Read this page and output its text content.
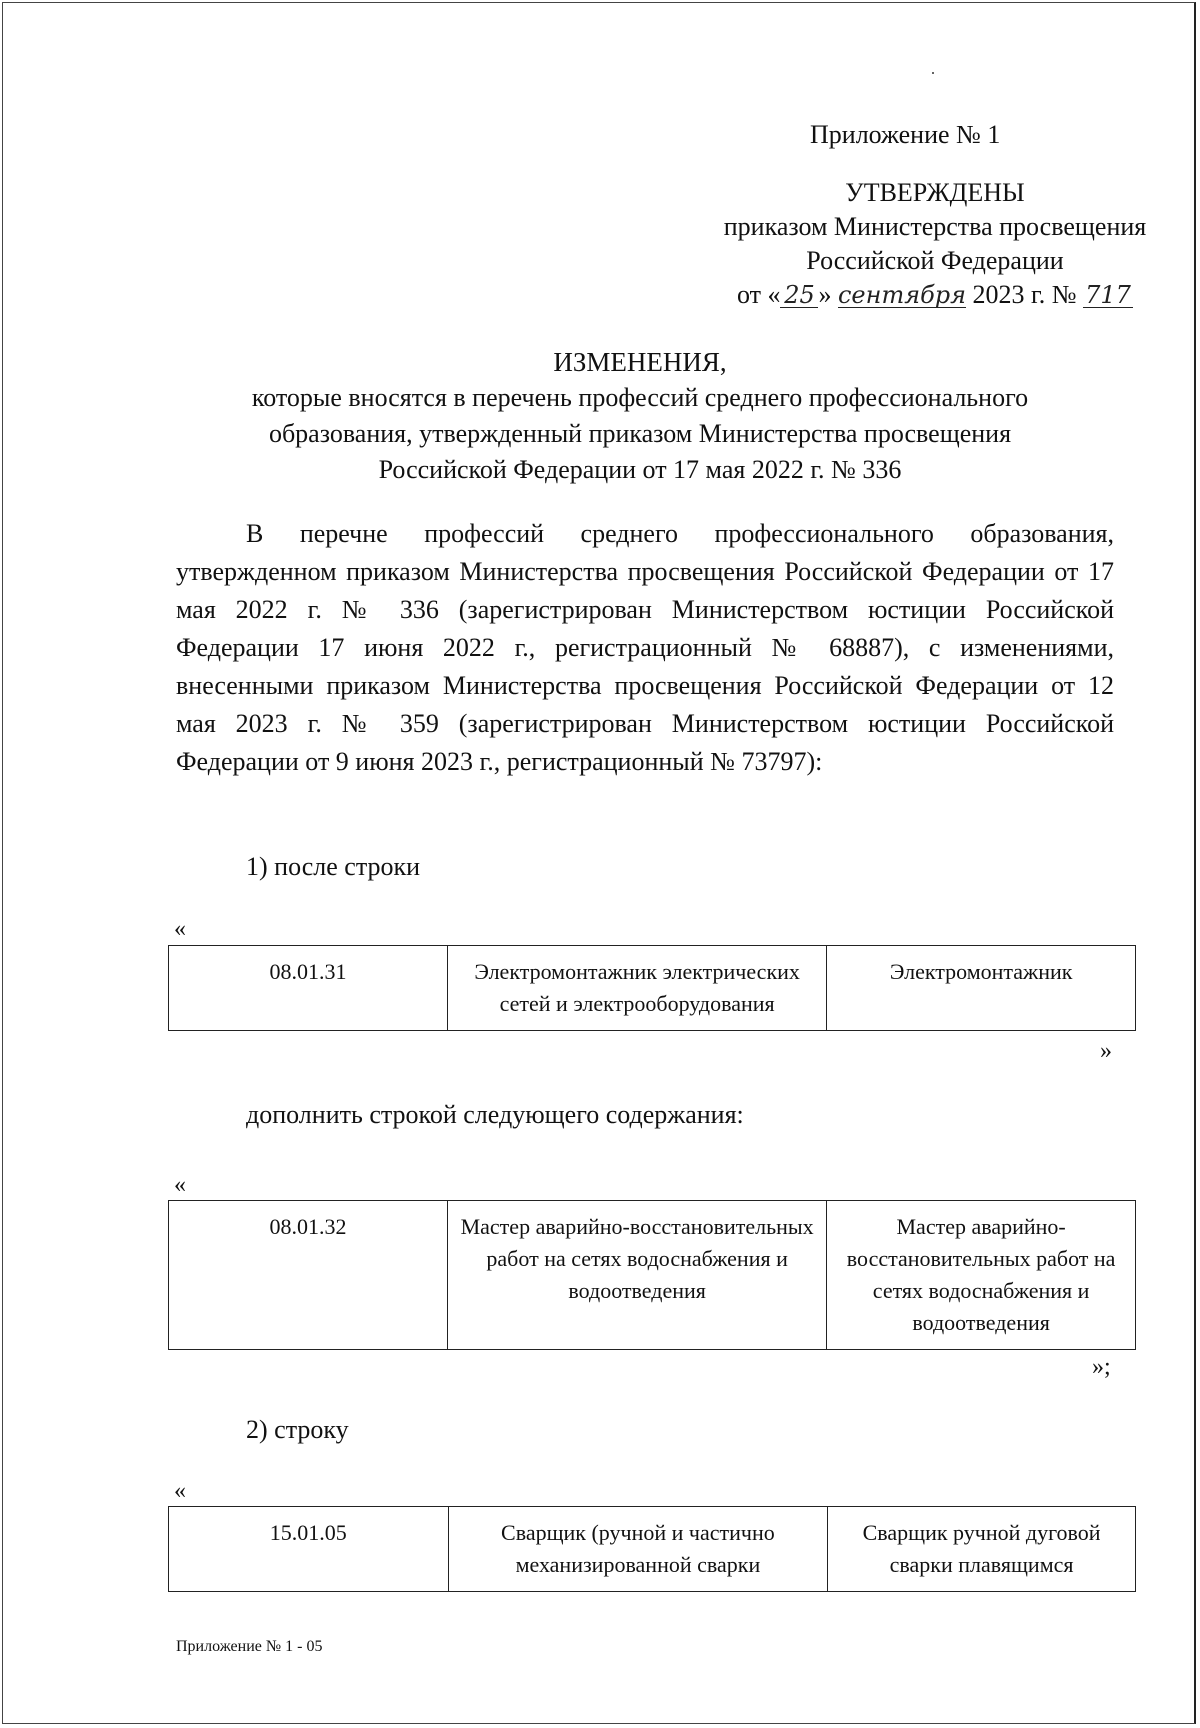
Приложение № 1
УТВЕРЖДЕНЫ
приказом Министерства просвещения
Российской Федерации
от « 25 » сентября 2023 г. № 717
ИЗМЕНЕНИЯ,
которые вносятся в перечень профессий среднего профессионального
образования, утвержденный приказом Министерства просвещения
Российской Федерации от 17 мая 2022 г. № 336
В перечне профессий среднего профессионального образования, утвержденном приказом Министерства просвещения Российской Федерации от 17 мая 2022 г. № 336 (зарегистрирован Министерством юстиции Российской Федерации 17 июня 2022 г., регистрационный № 68887), с изменениями, внесенными приказом Министерства просвещения Российской Федерации от 12 мая 2023 г. № 359 (зарегистрирован Министерством юстиции Российской Федерации от 9 июня 2023 г., регистрационный № 73797):
1) после строки
«
08.01.31	Электромонтажник электрических сетей и электрооборудования	Электромонтажник
»
дополнить строкой следующего содержания:
«
08.01.32	Мастер аварийно-восстановительных работ на сетях водоснабжения и водоотведения	Мастер аварийно-восстановительных работ на сетях водоснабжения и водоотведения
»;
2) строку
«
15.01.05	Сварщик (ручной и частично механизированной сварки	Сварщик ручной дуговой сварки плавящимся
Приложение № 1 - 05
